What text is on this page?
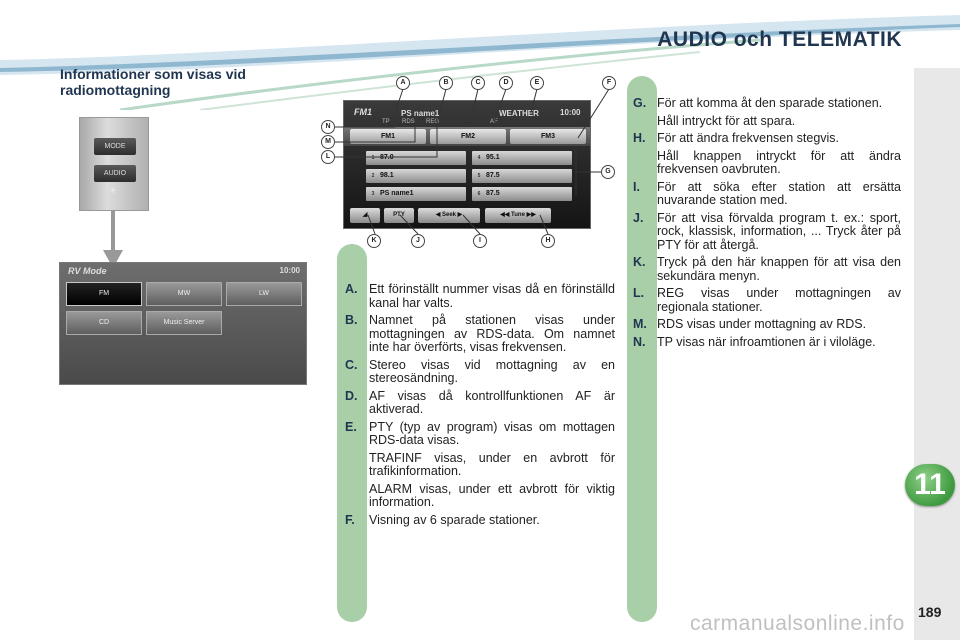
AUDIO och TELEMATIK
11
189
Informationer som visas vid radiomottagning
MODE
AUDIO
+
RV Mode	10:00
FM	MW	LW
CD	Music Server
FM1	PS name1	WEATHER	10:00
TP RDS REG	AF
FM1	FM2	FM3
1 87.0	4 95.1
2 98.1	5 87.5
3 PS name1	6 87.5
◢	PTY	◀ Seek ▶	◀◀ Tune ▶▶
A	B	C	D	E	F
G
H
I
J
K
L
M
N
A. Ett förinställt nummer visas då en förinställd kanal har valts.
B. Namnet på stationen visas under mottagningen av RDS-data. Om namnet inte har överförts, visas frekvensen.
C. Stereo visas vid mottagning av en stereosändning.
D. AF visas då kontrollfunktionen AF är aktiverad.
E. PTY (typ av program) visas om mottagen RDS-data visas.
TRAFINF visas, under en avbrott för trafikinformation.
ALARM visas, under ett avbrott för viktig information.
F.	Visning av 6 sparade stationer.
G. För att komma åt den sparade stationen.
Håll intryckt för att spara.
H. För att ändra frekvensen stegvis.
Håll knappen intryckt för att ändra frekvensen oavbruten.
I.	För att söka efter station att ersätta nuvarande station med.
J.	För att visa förvalda program t. ex.: sport, rock, klassisk, information, ... Tryck åter på PTY för att återgå.
K. Tryck på den här knappen för att visa den sekundära menyn.
L.	REG visas under mottagningen av regionala stationer.
M. RDS visas under mottagning av RDS.
N. TP visas när infroamtionen är i viloläge.
carmanualsonline.info
